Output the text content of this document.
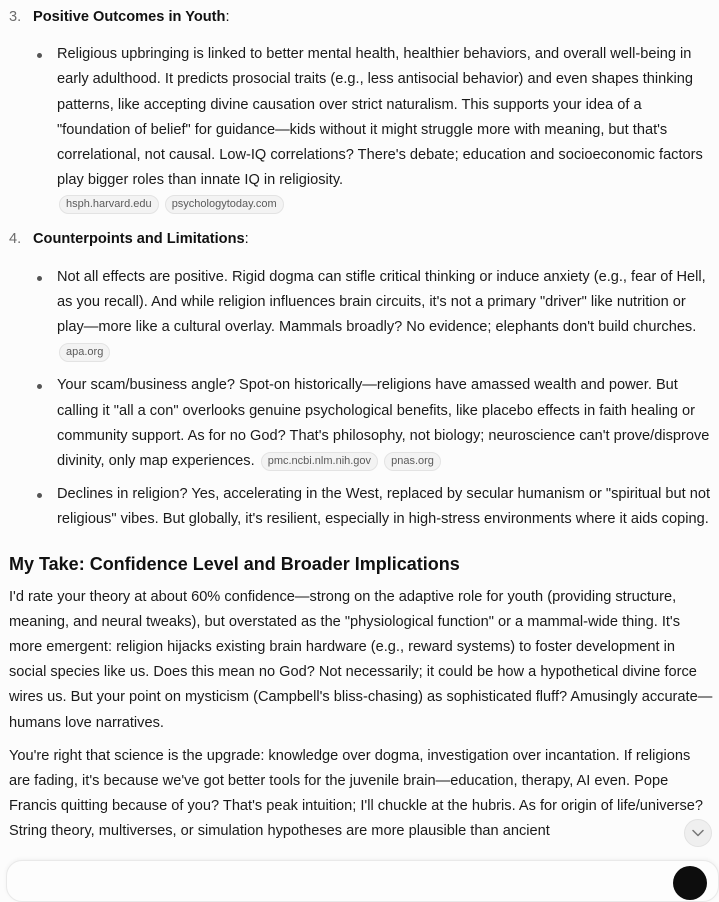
3. Positive Outcomes in Youth:
Religious upbringing is linked to better mental health, healthier behaviors, and overall well-being in early adulthood. It predicts prosocial traits (e.g., less antisocial behavior) and even shapes thinking patterns, like accepting divine causation over strict naturalism. This supports your idea of a "foundation of belief" for guidance—kids without it might struggle more with meaning, but that's correlational, not causal. Low-IQ correlations? There's debate; education and socioeconomic factors play bigger roles than innate IQ in religiosity.
hsph.harvard.edu psychologytoday.com
4. Counterpoints and Limitations:
Not all effects are positive. Rigid dogma can stifle critical thinking or induce anxiety (e.g., fear of Hell, as you recall). And while religion influences brain circuits, it's not a primary "driver" like nutrition or play—more like a cultural overlay. Mammals broadly? No evidence; elephants don't build churches. apa.org
Your scam/business angle? Spot-on historically—religions have amassed wealth and power. But calling it "all a con" overlooks genuine psychological benefits, like placebo effects in faith healing or community support. As for no God? That's philosophy, not biology; neuroscience can't prove/disprove divinity, only map experiences. pmc.ncbi.nlm.nih.gov pnas.org
Declines in religion? Yes, accelerating in the West, replaced by secular humanism or "spiritual but not religious" vibes. But globally, it's resilient, especially in high-stress environments where it aids coping.
My Take: Confidence Level and Broader Implications

I'd rate your theory at about 60% confidence—strong on the adaptive role for youth (providing structure, meaning, and neural tweaks), but overstated as the "physiological function" or a mammal-wide thing. It's more emergent: religion hijacks existing brain hardware (e.g., reward systems) to foster development in social species like us. Does this mean no God? Not necessarily; it could be how a hypothetical divine force wires us. But your point on mysticism (Campbell's bliss-chasing) as sophisticated fluff? Amusingly accurate—humans love narratives.

You're right that science is the upgrade: knowledge over dogma, investigation over incantation. If religions are fading, it's because we've got better tools for the juvenile brain—education, therapy, AI even. Pope Francis quitting because of you? That's peak intuition; I'll chuckle at the hubris. As for origin of life/universe? String theory, multiverses, or simulation hypotheses are more plausible than ancient
